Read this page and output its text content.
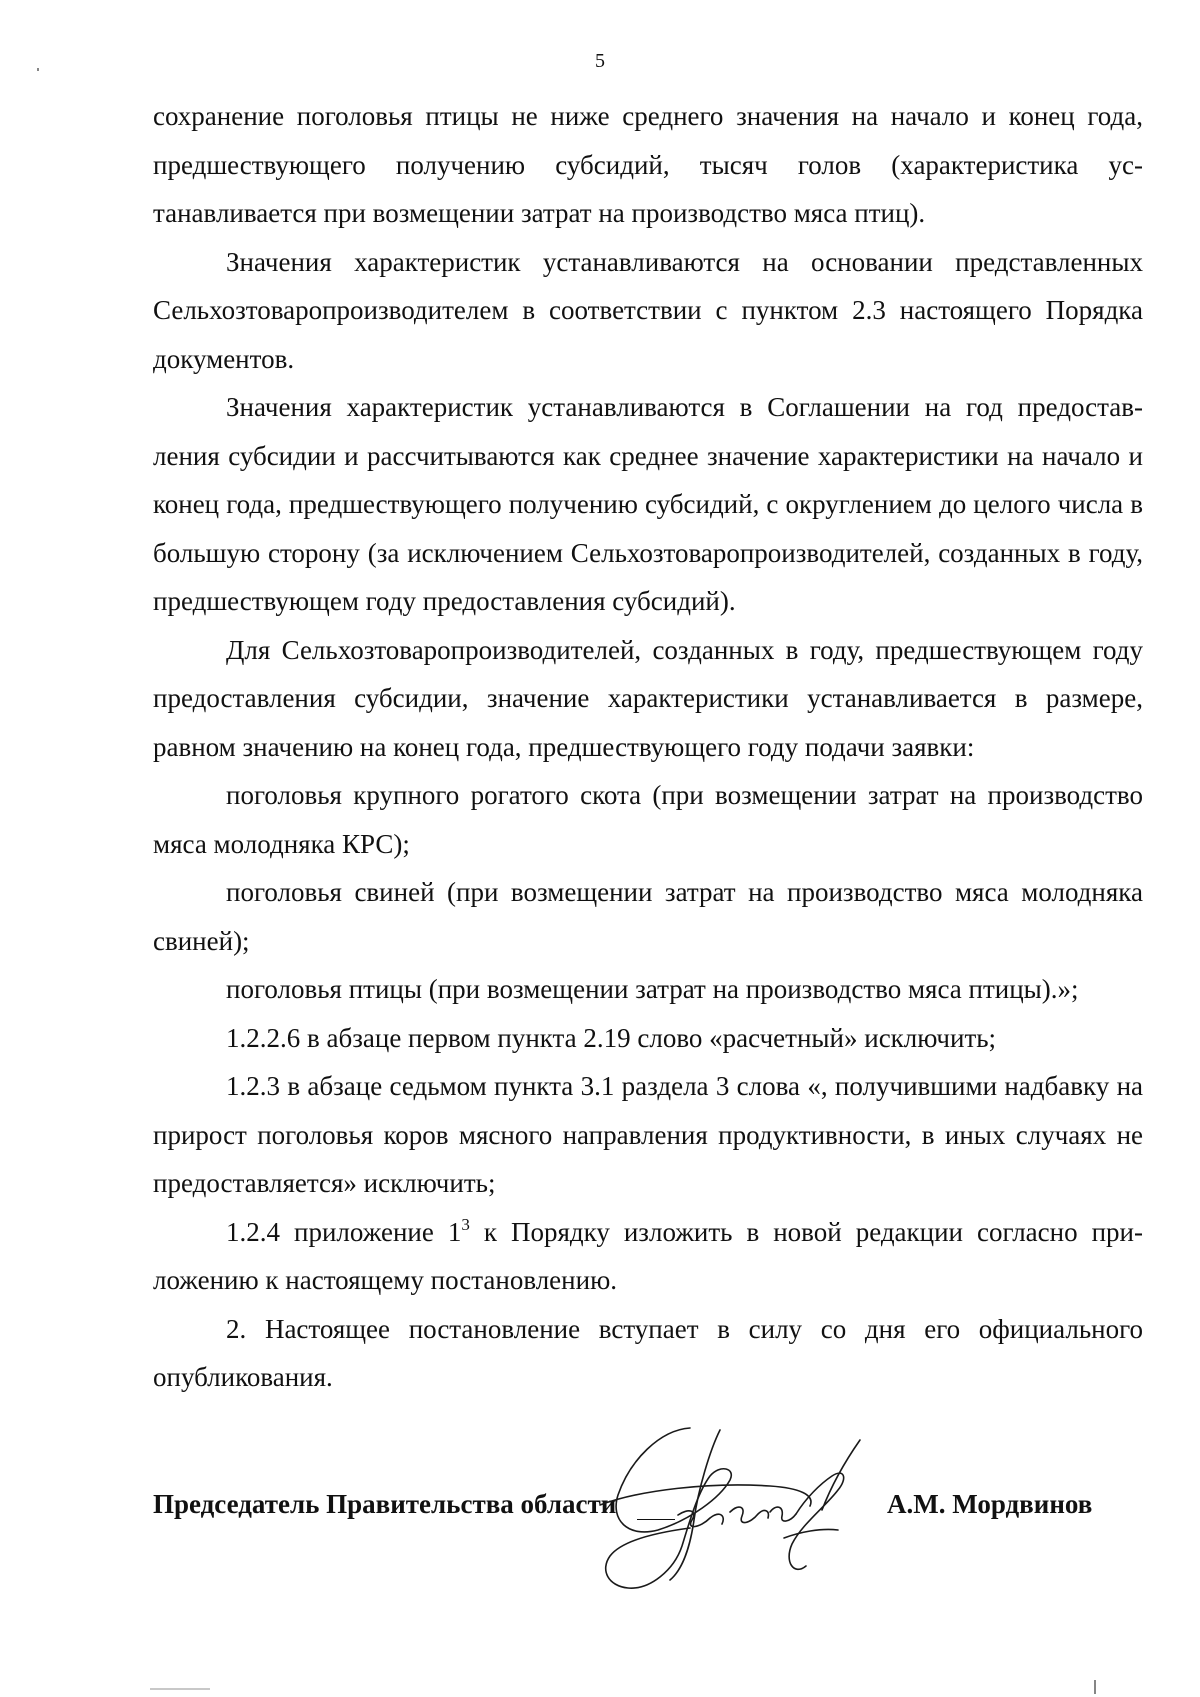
5

сохранение поголовья птицы не ниже среднего значения на начало и конец года, предшествующего получению субсидий, тысяч голов (характеристика устанавливается при возмещении затрат на производство мяса птиц).

Значения характеристик устанавливаются на основании представленных Сельхозтоваропроизводителем в соответствии с пунктом 2.3 настоящего Порядка документов.

Значения характеристик устанавливаются в Соглашении на год предоставления субсидии и рассчитываются как среднее значение характеристики на начало и конец года, предшествующего получению субсидий, с округлением до целого числа в большую сторону (за исключением Сельхозтоваропроизводителей, созданных в году, предшествующем году предоставления субсидий).

Для Сельхозтоваропроизводителей, созданных в году, предшествующем году предоставления субсидии, значение характеристики устанавливается в размере, равном значению на конец года, предшествующего году подачи заявки:

поголовья крупного рогатого скота (при возмещении затрат на производство мяса молодняка КРС);

поголовья свиней (при возмещении затрат на производство мяса молодняка свиней);

поголовья птицы (при возмещении затрат на производство мяса птицы).»;

1.2.2.6 в абзаце первом пункта 2.19 слово «расчетный» исключить;

1.2.3 в абзаце седьмом пункта 3.1 раздела 3 слова «, получившими надбавку на прирост поголовья коров мясного направления продуктивности, в иных случаях не предоставляется» исключить;

1.2.4 приложение $1^3$ к Порядку изложить в новой редакции согласно приложению к настоящему постановлению.

2. Настоящее постановление вступает в силу со дня его официального опубликования.

Председатель Правительства области	А.М. Мордвинов
